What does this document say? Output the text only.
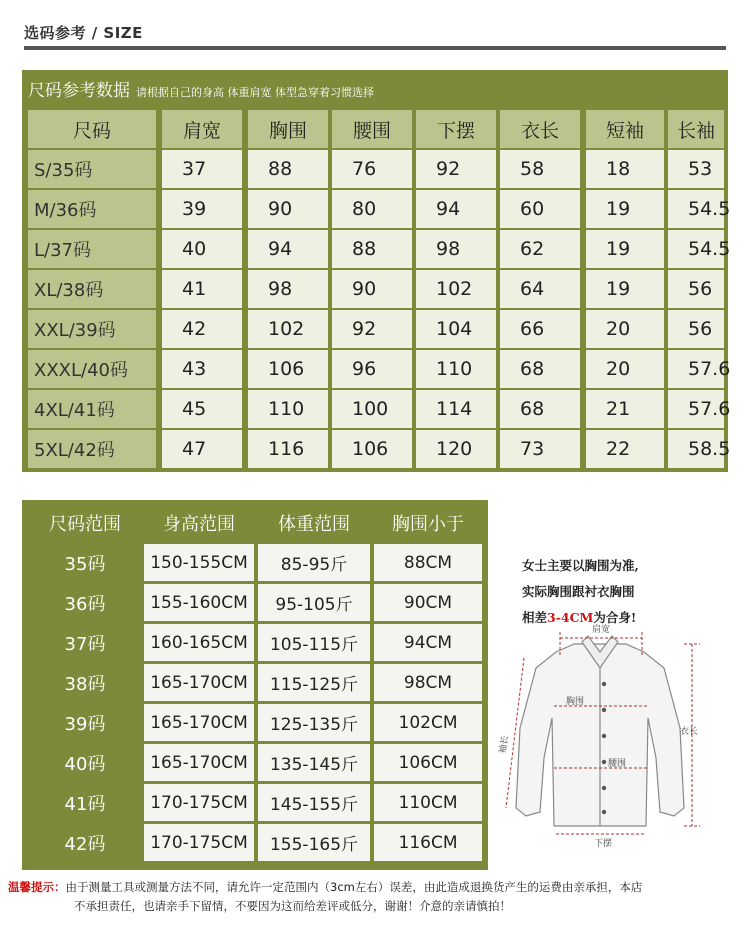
选码参考 / SIZE
尺码参考数据 请根据自己的身高 体重肩宽 体型急穿着习惯选择
尺码	肩宽	胸围	腰围	下摆	衣长	短袖	长袖
S/35码	37	88	76	92	58	18	53
M/36码	39	90	80	94	60	19	54.5
L/37码	40	94	88	98	62	19	54.5
XL/38码	41	98	90	102	64	19	56
XXL/39码	42	102	92	104	66	20	56
XXXL/40码	43	106	96	110	68	20	57.6
4XL/41码	45	110	100	114	68	21	57.6
5XL/42码	47	116	106	120	73	22	58.5
尺码范围	身高范围	体重范围	胸围小于
35码	150-155CM	85-95斤	88CM
36码	155-160CM	95-105斤	90CM
37码	160-165CM	105-115斤	94CM
38码	165-170CM	115-125斤	98CM
39码	165-170CM	125-135斤	102CM
40码	165-170CM	135-145斤	106CM
41码	170-175CM	145-155斤	110CM
42码	170-175CM	155-165斤	116CM
女士主要以胸围为准,
实际胸围跟衬衣胸围
相差3-4CM为合身!
肩宽
胸围
腰围
下摆
衣长
袖长
温馨提示：由于测量工具或测量方法不同，请允许一定范围内（3cm左右）误差，由此造成退换货产生的运费由亲承担，本店
不承担责任，也请亲手下留情，不要因为这而给差评或低分，谢谢！介意的亲请慎拍！
